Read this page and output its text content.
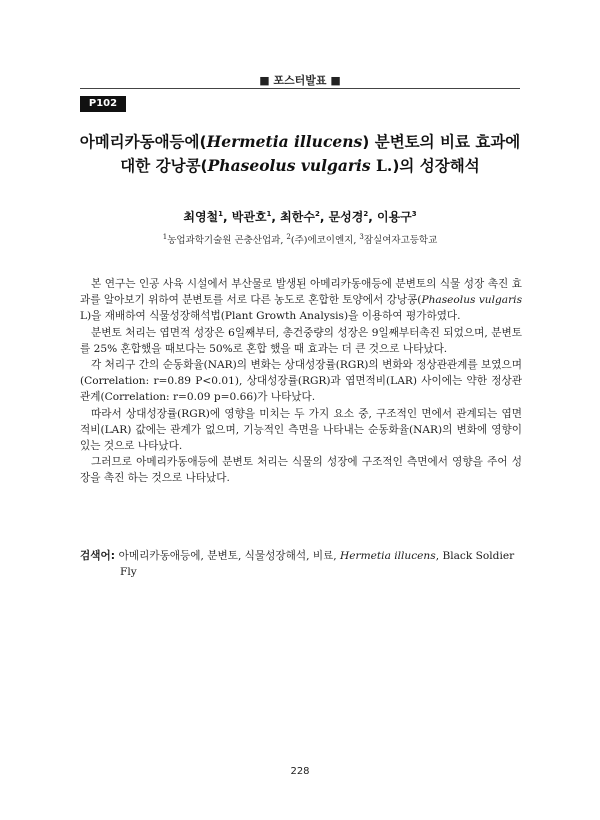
■ 포스터발표 ■
P102
아메리카동애등에(Hermetia illucens) 분변토의 비료 효과에
대한 강낭콩(Phaseolus vulgaris L.)의 성장해석
최영철$^1$, 박관호$^1$, 최한수$^2$, 문성경$^2$, 이용구$^3$
$^1$농업과학기술원 곤충산업과, $^2$(주)에코이엔지, $^3$잠실여자고등학교

본 연구는 인공 사육 시설에서 부산물로 발생된 아메리카동애등에 분변토의 식물 성장 촉진 효과를 알아보기 위하여 분변토를 서로 다른 농도로 혼합한 토양에서 강낭콩(Phaseolus vulgaris L)을 재배하여 식물성장해석법(Plant Growth Analysis)을 이용하여 평가하였다.

분변토 처리는 엽면적 성장은 6일째부터, 총건중량의 성장은 9일째부터촉진 되었으며, 분변토를 25% 혼합했을 때보다는 50%로 혼합 했을 때 효과는 더 큰 것으로 나타났다.

각 처리구 간의 순동화율(NAR)의 변화는 상대성장률(RGR)의 변화와 정상관관계를 보였으며(Correlation: r=0.89 P<0.01), 상대성장률(RGR)과 엽면적비(LAR) 사이에는 약한 정상관관계(Correlation: r=0.09 p=0.66)가 나타났다.

따라서 상대성장률(RGR)에 영향을 미치는 두 가지 요소 중, 구조적인 면에서 관계되는 엽면적비(LAR) 값에는 관계가 없으며, 기능적인 측면을 나타내는 순동화율(NAR)의 변화에 영향이 있는 것으로 나타났다.

그러므로 아메리카동애등에 분변토 처리는 식물의 성장에 구조적인 측면에서 영향을 주어 성장을 촉진 하는 것으로 나타났다.

검색어: 아메리카동애등에, 분변토, 식물성장해석, 비료, Hermetia illucens, Black Soldier Fly
228
